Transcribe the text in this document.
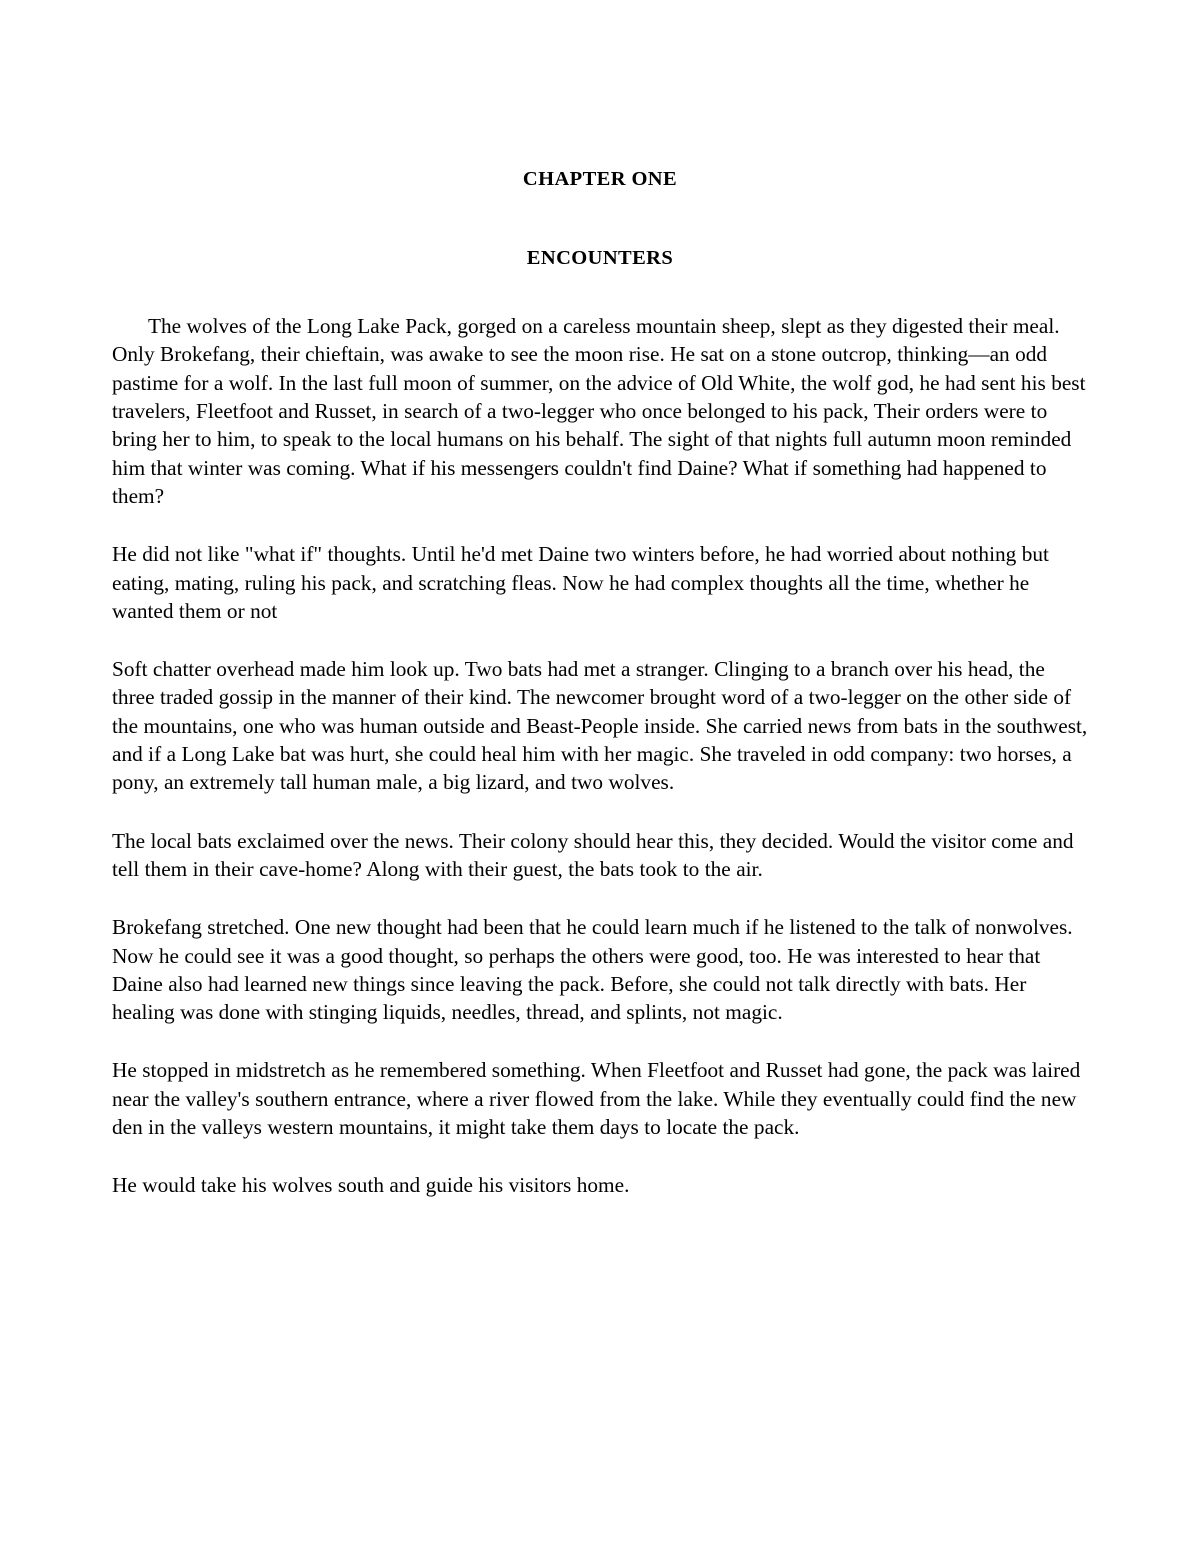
CHAPTER ONE
ENCOUNTERS

The wolves of the Long Lake Pack, gorged on a careless mountain sheep, slept as they digested their meal. Only Brokefang, their chieftain, was awake to see the moon rise. He sat on a stone outcrop, thinking—an odd pastime for a wolf. In the last full moon of summer, on the advice of Old White, the wolf god, he had sent his best travelers, Fleetfoot and Russet, in search of a two-legger who once belonged to his pack, Their orders were to bring her to him, to speak to the local humans on his behalf. The sight of that nights full autumn moon reminded him that winter was coming. What if his messengers couldn't find Daine? What if something had happened to them?

He did not like "what if" thoughts. Until he'd met Daine two winters before, he had worried about nothing but eating, mating, ruling his pack, and scratching fleas. Now he had complex thoughts all the time, whether he wanted them or not

Soft chatter overhead made him look up. Two bats had met a stranger. Clinging to a branch over his head, the three traded gossip in the manner of their kind. The newcomer brought word of a two-legger on the other side of the mountains, one who was human outside and Beast-People inside. She carried news from bats in the southwest, and if a Long Lake bat was hurt, she could heal him with her magic. She traveled in odd company: two horses, a pony, an extremely tall human male, a big lizard, and two wolves.

The local bats exclaimed over the news. Their colony should hear this, they decided. Would the visitor come and tell them in their cave-home? Along with their guest, the bats took to the air.

Brokefang stretched. One new thought had been that he could learn much if he listened to the talk of nonwolves. Now he could see it was a good thought, so perhaps the others were good, too. He was interested to hear that Daine also had learned new things since leaving the pack. Before, she could not talk directly with bats. Her healing was done with stinging liquids, needles, thread, and splints, not magic.

He stopped in midstretch as he remembered something. When Fleetfoot and Russet had gone, the pack was laired near the valley's southern entrance, where a river flowed from the lake. While they eventually could find the new den in the valleys western mountains, it might take them days to locate the pack.

He would take his wolves south and guide his visitors home.
